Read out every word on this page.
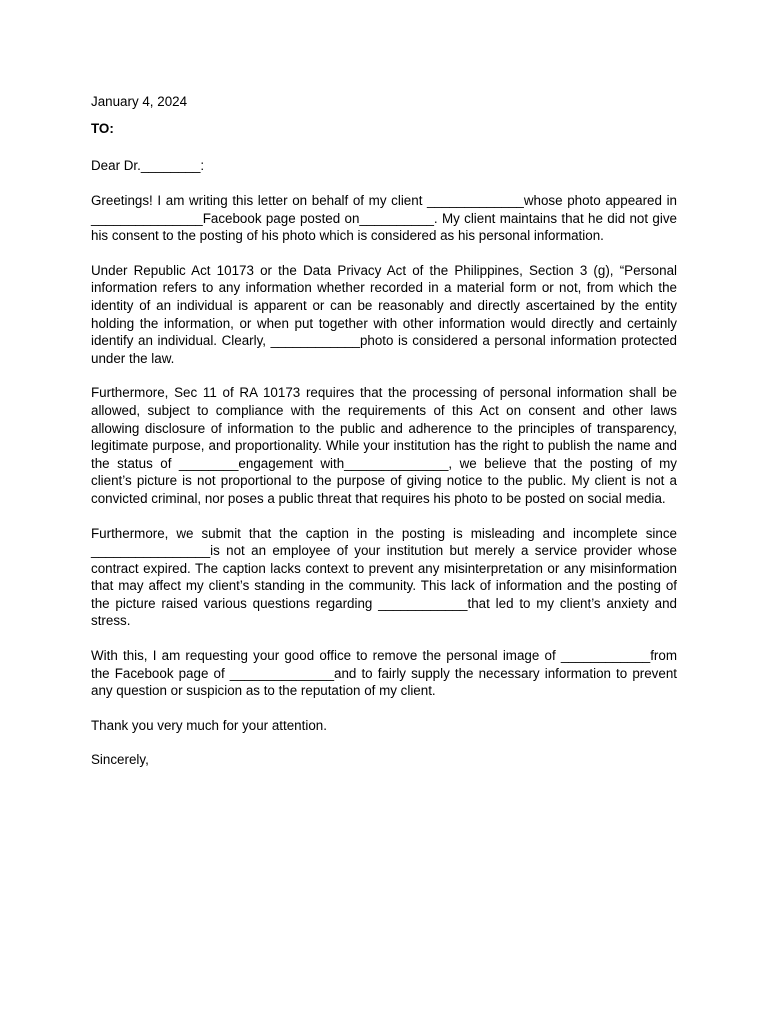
January 4, 2024

TO:

Dear Dr.________:

Greetings! I am writing this letter on behalf of my client _____________whose photo appeared in _______________Facebook page posted on__________. My client maintains that he did not give his consent to the posting of his photo which is considered as his personal information.

Under Republic Act 10173 or the Data Privacy Act of the Philippines, Section 3 (g), “Personal information refers to any information whether recorded in a material form or not, from which the identity of an individual is apparent or can be reasonably and directly ascertained by the entity holding the information, or when put together with other information would directly and certainly identify an individual. Clearly, ____________photo is considered a personal information protected under the law.

Furthermore, Sec 11 of RA 10173 requires that the processing of personal information shall be allowed, subject to compliance with the requirements of this Act on consent and other laws allowing disclosure of information to the public and adherence to the principles of transparency, legitimate purpose, and proportionality. While your institution has the right to publish the name and the status of ________engagement with______________, we believe that the posting of my client’s picture is not proportional to the purpose of giving notice to the public. My client is not a convicted criminal, nor poses a public threat that requires his photo to be posted on social media.

Furthermore, we submit that the caption in the posting is misleading and incomplete since ________________is not an employee of your institution but merely a service provider whose contract expired. The caption lacks context to prevent any misinterpretation or any misinformation that may affect my client’s standing in the community. This lack of information and the posting of the picture raised various questions regarding ____________that led to my client’s anxiety and stress.

With this, I am requesting your good office to remove the personal image of ____________from the Facebook page of ______________and to fairly supply the necessary information to prevent any question or suspicion as to the reputation of my client.

Thank you very much for your attention.

Sincerely,
